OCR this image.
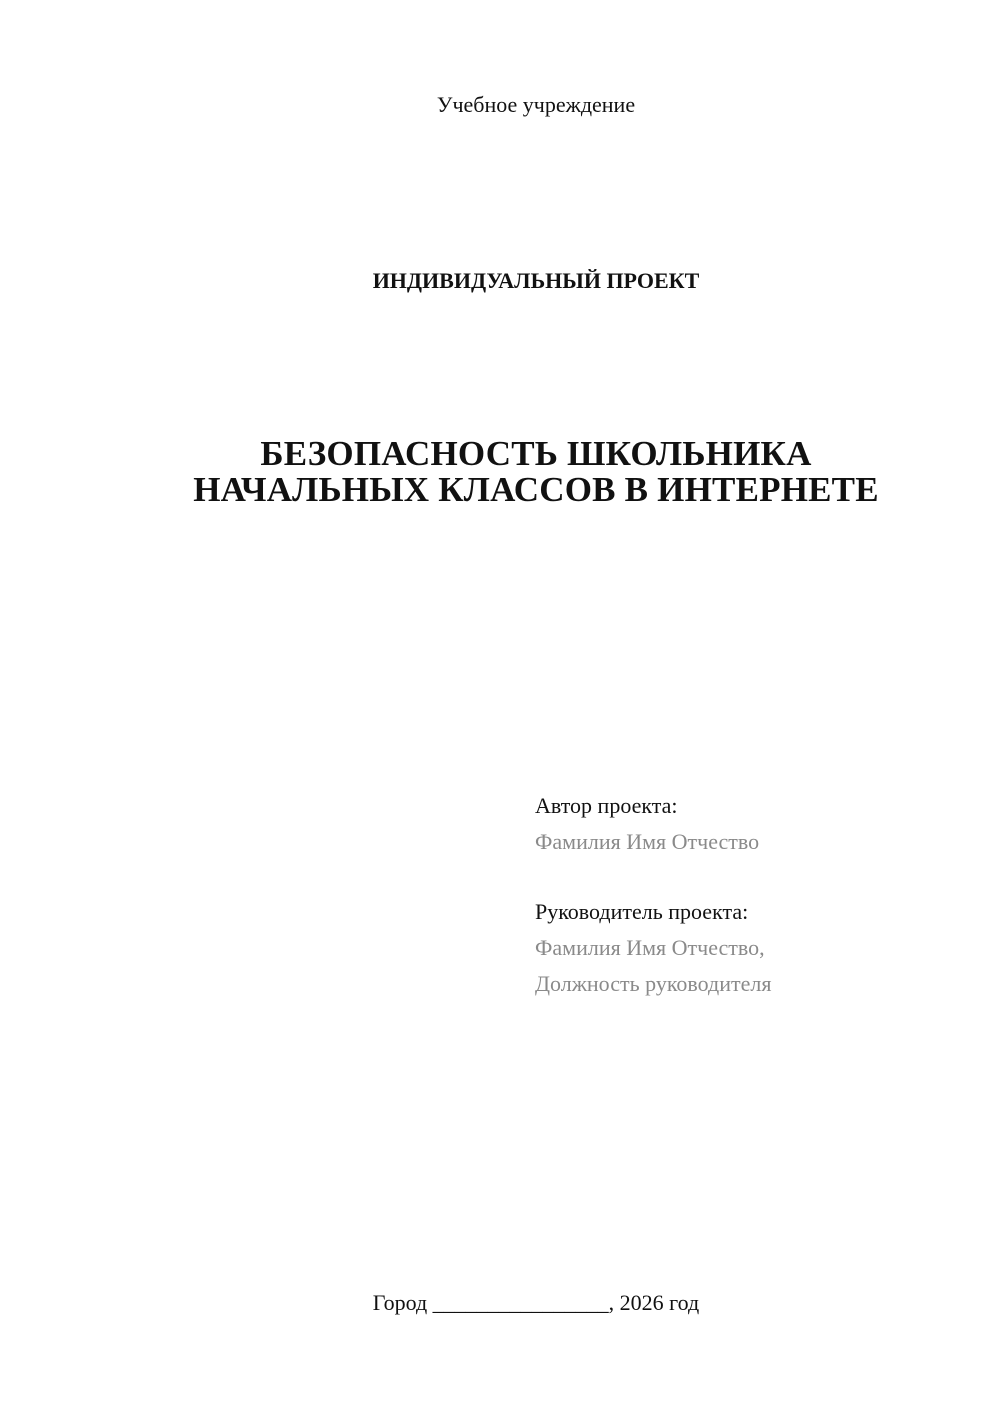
Учебное учреждение
ИНДИВИДУАЛЬНЫЙ ПРОЕКТ
БЕЗОПАСНОСТЬ ШКОЛЬНИКА
НАЧАЛЬНЫХ КЛАССОВ В ИНТЕРНЕТЕ
Автор проекта:
Фамилия Имя Отчество
Руководитель проекта:
Фамилия Имя Отчество,
Должность руководителя
Город ________________, 2026 год
